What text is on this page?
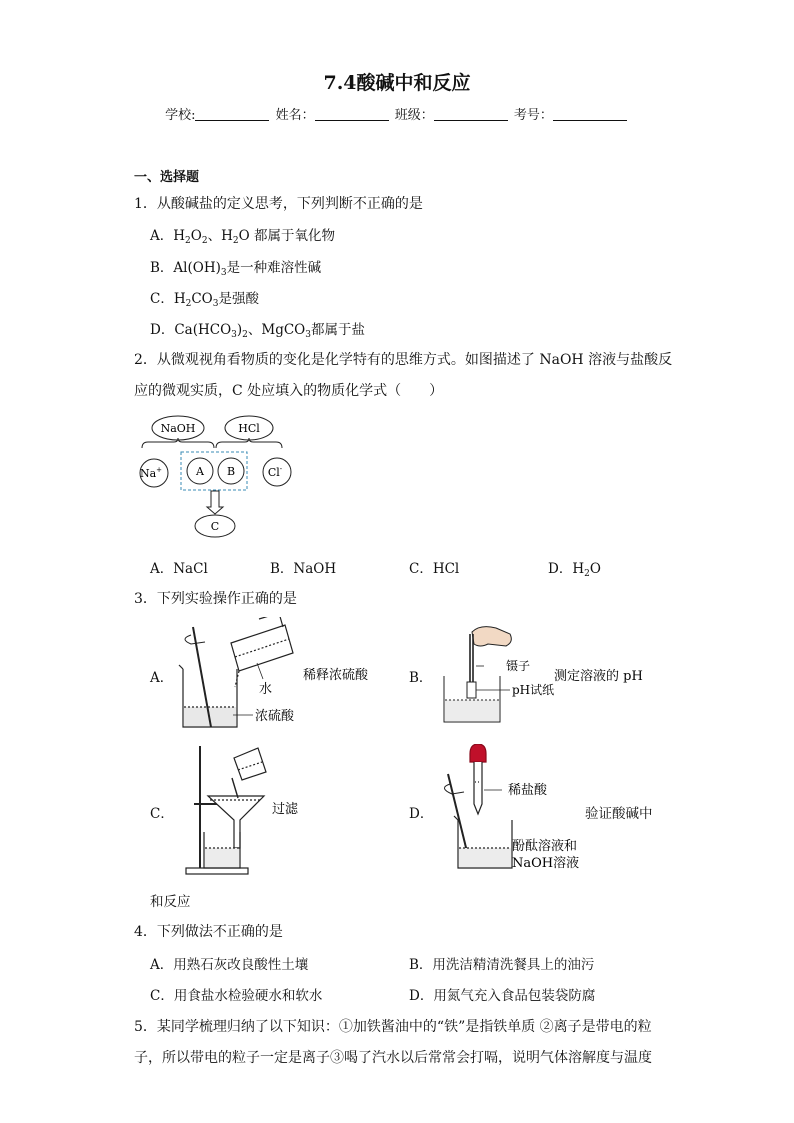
7.4酸碱中和反应
学校:	姓名：	班级：	考号：
一、选择题
1．从酸碱盐的定义思考，下列判断不正确的是
A．$H_2O_2$、$H_2O$ 都属于氧化物
B．$Al(OH)_3$是一种难溶性碱
C．$H_2CO_3$是强酸
D．$Ca(HCO_3)_2$、MgCO$_3$都属于盐
2．从微观视角看物质的变化是化学特有的思维方式。如图描述了 NaOH 溶液与盐酸反
应的微观实质，C 处应填入的物质化学式（　　）
NaOH	HCl
Na+	A B	Cl-
C
A．NaCl	B．NaOH	C．HCl	D．$H_2O$
3．下列实验操作正确的是
A．
水
浓硫酸
稀释浓硫酸	B．
镊子
pH试纸
测定溶液的 pH
C．	过滤	D．
稀盐酸
酚酞溶液和
NaOH溶液
验证酸碱中
和反应
4．下列做法不正确的是
A．用熟石灰改良酸性土壤	B．用洗洁精清洗餐具上的油污
C．用食盐水检验硬水和软水	D．用氮气充入食品包装袋防腐
5．某同学梳理归纳了以下知识：①加铁酱油中的“铁”是指铁单质 ②离子是带电的粒
子，所以带电的粒子一定是离子③喝了汽水以后常常会打嗝，说明气体溶解度与温度
